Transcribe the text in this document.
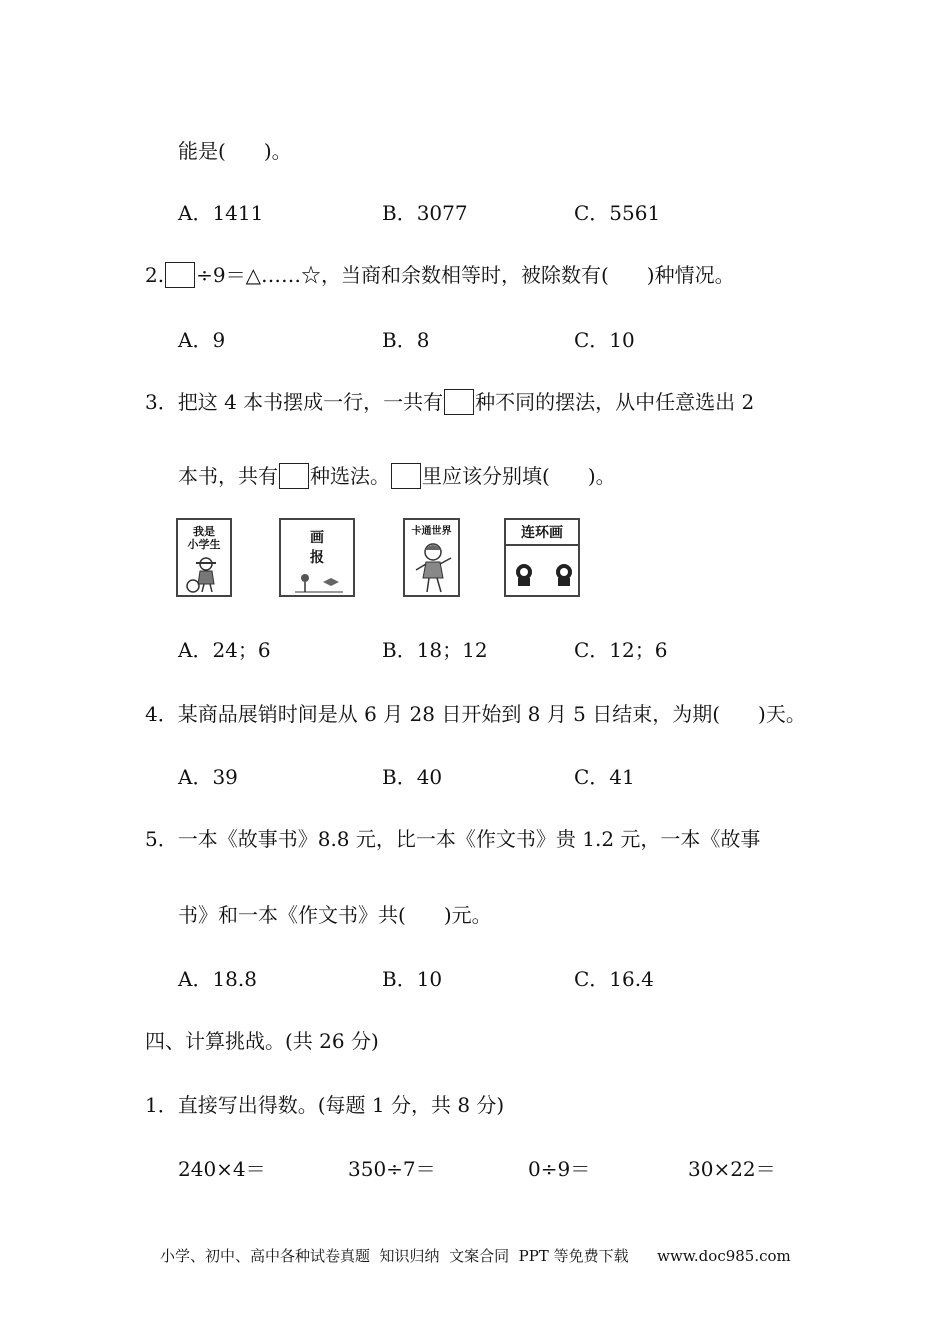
能是( )。
A．1411	B．3077	C．5561
2. ÷9＝△……☆，当商和余数相等时，被除数有( )种情况。
A．9	B．8	C．10
3．把这 4 本书摆成一行，一共有 种不同的摆法，从中任意选出 2
本书，共有 种选法。 里应该分别填( )。
我是
小学生	画
报
卡通世界	连环画
A．24；6	B．18；12	C．12；6
4．某商品展销时间是从 6 月 28 日开始到 8 月 5 日结束，为期( )天。
A．39	B．40	C．41
5．一本《故事书》8.8 元，比一本《作文书》贵 1.2 元，一本《故事
书》和一本《作文书》共( )元。
A．18.8	B．10	C．16.4
四、计算挑战。(共 26 分)
1．直接写出得数。(每题 1 分，共 8 分)
240×4＝	350÷7＝	0÷9＝	30×22＝
小学、初中、高中各种试卷真题  知识归纳  文案合同  PPT 等免费下载      www.doc985.com
